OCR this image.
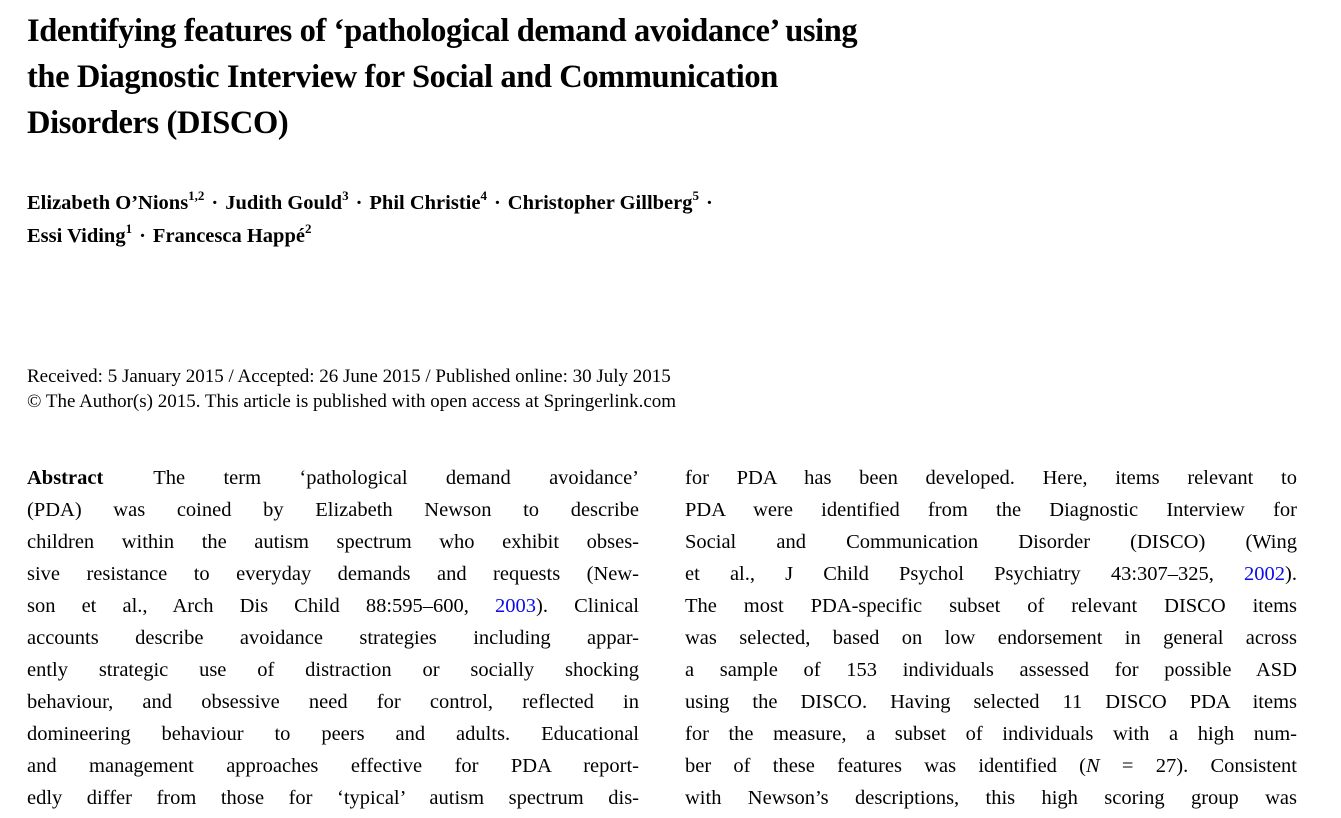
Identifying features of ‘pathological demand avoidance’ using
the Diagnostic Interview for Social and Communication
Disorders (DISCO)
Elizabeth O’Nions$^{1,2}$ · Judith Gould$^3$ · Phil Christie$^4$ · Christopher Gillberg$^5$ ·
Essi Viding$^1$ · Francesca Happé$^2$
Received: 5 January 2015 / Accepted: 26 June 2015 / Published online: 30 July 2015
© The Author(s) 2015. This article is published with open access at Springerlink.com
Abstract The term ‘pathological demand avoidance’
(PDA) was coined by Elizabeth Newson to describe
children within the autism spectrum who exhibit obses-
sive resistance to everyday demands and requests (New-
son et al., Arch Dis Child 88:595–600, 2003). Clinical
accounts describe avoidance strategies including appar-
ently strategic use of distraction or socially shocking
behaviour, and obsessive need for control, reflected in
domineering behaviour to peers and adults. Educational
and management approaches effective for PDA report-
edly differ from those for ‘typical’ autism spectrum dis-
for PDA has been developed. Here, items relevant to
PDA were identified from the Diagnostic Interview for
Social and Communication Disorder (DISCO) (Wing
et al., J Child Psychol Psychiatry 43:307–325, 2002).
The most PDA-specific subset of relevant DISCO items
was selected, based on low endorsement in general across
a sample of 153 individuals assessed for possible ASD
using the DISCO. Having selected 11 DISCO PDA items
for the measure, a subset of individuals with a high num-
ber of these features was identified (N = 27). Consistent
with Newson’s descriptions, this high scoring group was
